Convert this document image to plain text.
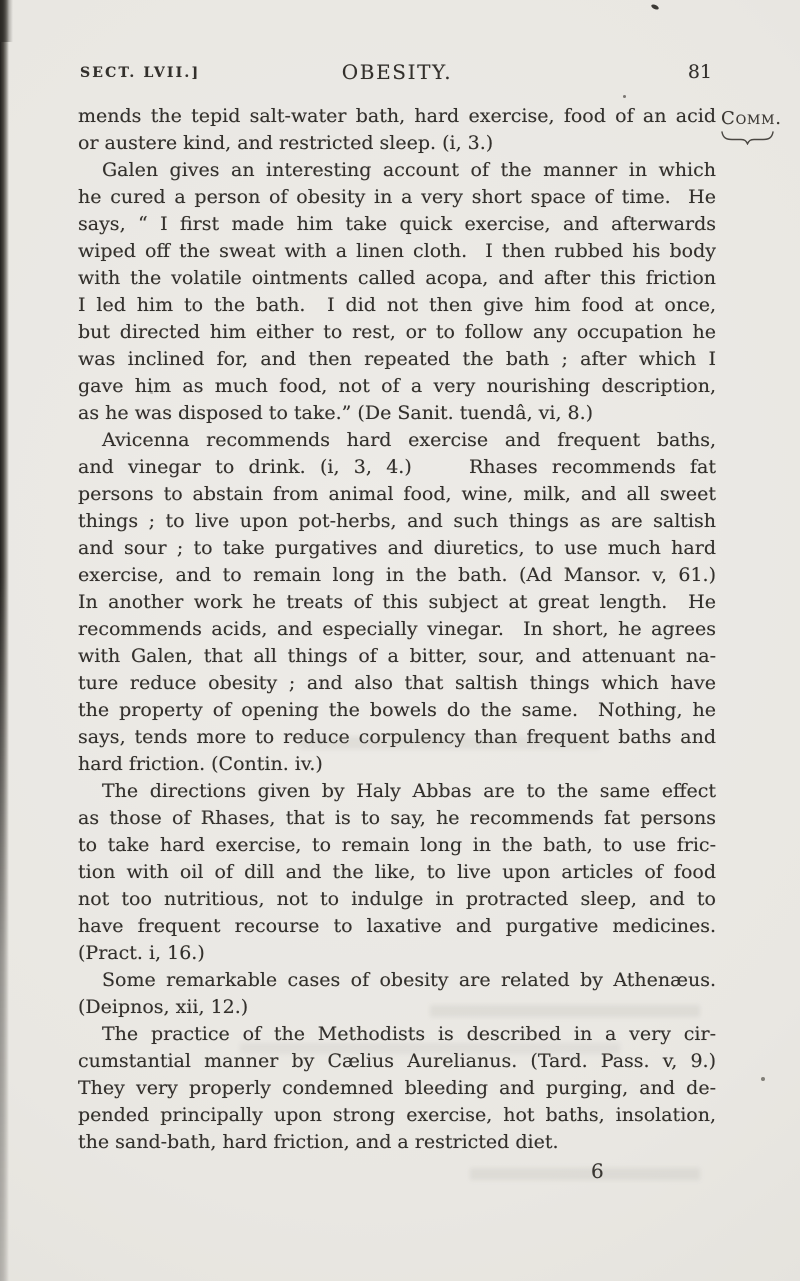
SECT. LVII.]	OBESITY.	81
Comm.
mends the tepid salt-water bath, hard exercise, food of an acid
or austere kind, and restricted sleep. (i, 3.)
Galen gives an interesting account of the manner in which
he cured a person of obesity in a very short space of time.  He
says, “ I first made him take quick exercise, and afterwards
wiped off the sweat with a linen cloth.  I then rubbed his body
with the volatile ointments called acopa, and after this friction
I led him to the bath.  I did not then give him food at once,
but directed him either to rest, or to follow any occupation he
was inclined for, and then repeated the bath ; after which I
gave him as much food, not of a very nourishing description,
as he was disposed to take.” (De Sanit. tuendâ, vi, 8.)
Avicenna recommends hard exercise and frequent baths,
and vinegar to drink. (i, 3, 4.)    Rhases recommends fat
persons to abstain from animal food, wine, milk, and all sweet
things ; to live upon pot-herbs, and such things as are saltish
and sour ; to take purgatives and diuretics, to use much hard
exercise, and to remain long in the bath. (Ad Mansor. v, 61.)
In another work he treats of this subject at great length.  He
recommends acids, and especially vinegar.  In short, he agrees
with Galen, that all things of a bitter, sour, and attenuant na-
ture reduce obesity ; and also that saltish things which have
the property of opening the bowels do the same.  Nothing, he
says, tends more to reduce corpulency than frequent baths and
hard friction. (Contin. iv.)
The directions given by Haly Abbas are to the same effect
as those of Rhases, that is to say, he recommends fat persons
to take hard exercise, to remain long in the bath, to use fric-
tion with oil of dill and the like, to live upon articles of food
not too nutritious, not to indulge in protracted sleep, and to
have frequent recourse to laxative and purgative medicines.
(Pract. i, 16.)
Some remarkable cases of obesity are related by Athenæus.
(Deipnos, xii, 12.)
The practice of the Methodists is described in a very cir-
cumstantial manner by Cælius Aurelianus. (Tard. Pass. v, 9.)
They very properly condemned bleeding and purging, and de-
pended principally upon strong exercise, hot baths, insolation,
the sand-bath, hard friction, and a restricted diet.
6
